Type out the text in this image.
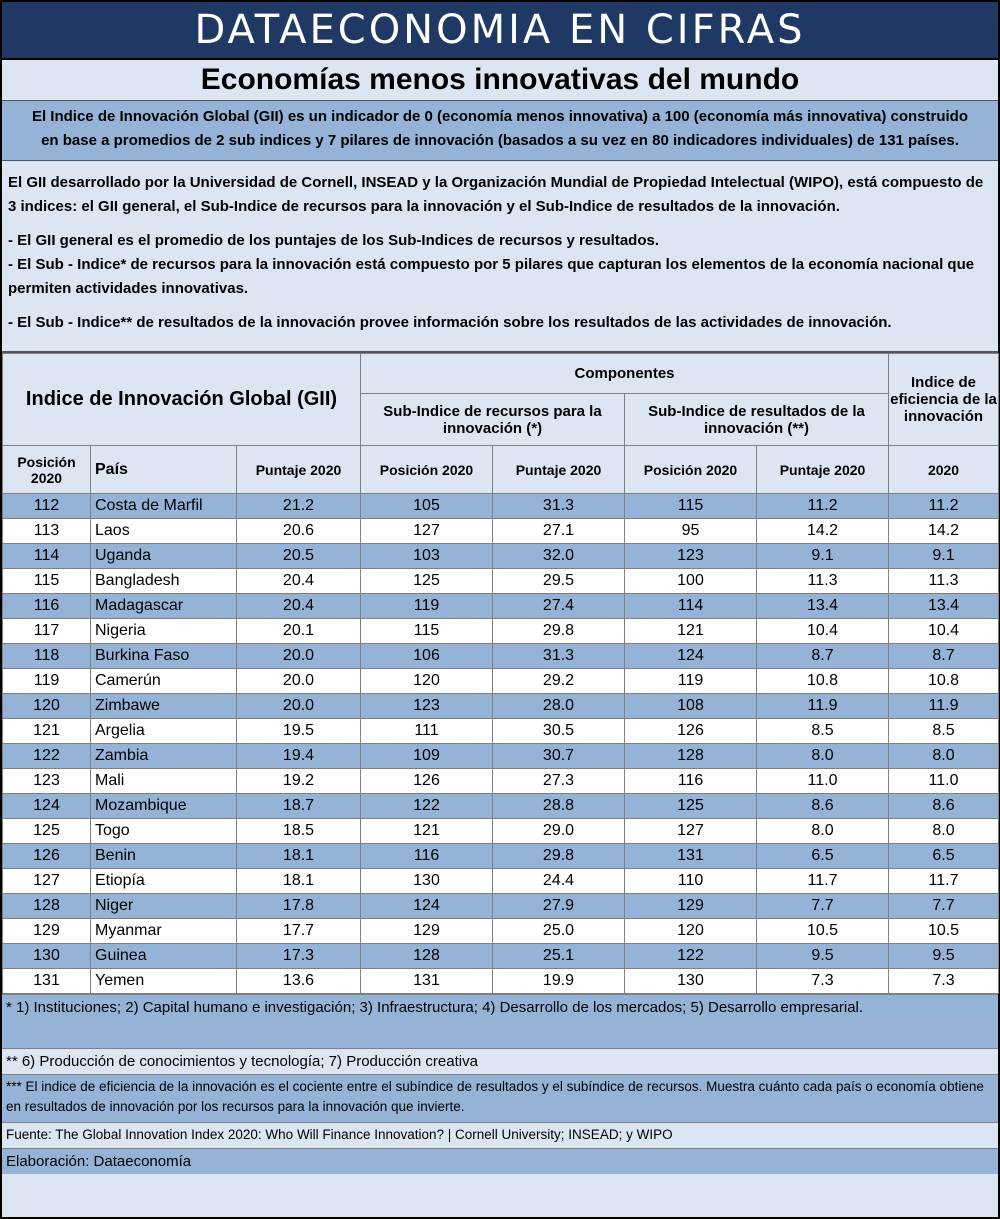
DATAECONOMIA EN CIFRAS
Economías menos innovativas del mundo
El Indice de Innovación Global (GII) es un indicador de 0 (economía menos innovativa) a 100 (economía más innovativa) construido
en base a promedios de 2 sub indices y 7 pilares de innovación (basados a su vez en 80 indicadores individuales) de 131 países.

El GII desarrollado por la Universidad de Cornell, INSEAD y la Organización Mundial de Propiedad Intelectual (WIPO), está compuesto de 3 indices: el GII general, el Sub-Indice de recursos para la innovación y el Sub-Indice de resultados de la innovación.

- El GII general es el promedio de los puntajes de los Sub-Indices de recursos y resultados.

- El Sub - Indice* de recursos para la innovación está compuesto por 5 pilares que capturan los elementos de la economía nacional que permiten actividades innovativas.

- El Sub - Indice** de resultados de la innovación provee información sobre los resultados de las actividades de innovación.

Indice de Innovación Global (GII)			Componentes				Indice de eficiencia de la innovación
			Sub-Indice de recursos para la innovación (*)		Sub-Indice de resultados de la innovación (**)		
Posición 2020	País	Puntaje 2020	Posición 2020	Puntaje 2020	Posición 2020	Puntaje 2020	2020
112	Costa de Marfil	21.2	105	31.3	115	11.2	11.2
113	Laos	20.6	127	27.1	95	14.2	14.2
114	Uganda	20.5	103	32.0	123	9.1	9.1
115	Bangladesh	20.4	125	29.5	100	11.3	11.3
116	Madagascar	20.4	119	27.4	114	13.4	13.4
117	Nigeria	20.1	115	29.8	121	10.4	10.4
118	Burkina Faso	20.0	106	31.3	124	8.7	8.7
119	Camerún	20.0	120	29.2	119	10.8	10.8
120	Zimbawe	20.0	123	28.0	108	11.9	11.9
121	Argelia	19.5	111	30.5	126	8.5	8.5
122	Zambia	19.4	109	30.7	128	8.0	8.0
123	Mali	19.2	126	27.3	116	11.0	11.0
124	Mozambique	18.7	122	28.8	125	8.6	8.6
125	Togo	18.5	121	29.0	127	8.0	8.0
126	Benin	18.1	116	29.8	131	6.5	6.5
127	Etiopía	18.1	130	24.4	110	11.7	11.7
128	Niger	17.8	124	27.9	129	7.7	7.7
129	Myanmar	17.7	129	25.0	120	10.5	10.5
130	Guinea	17.3	128	25.1	122	9.5	9.5
131	Yemen	13.6	131	19.9	130	7.3	7.3
* 1) Instituciones; 2) Capital humano e investigación; 3) Infraestructura; 4) Desarrollo de los mercados; 5) Desarrollo empresarial.
** 6) Producción de conocimientos y tecnología; 7) Producción creativa
*** El indice de eficiencia de la innovación es el cociente entre el subíndice de resultados y el subíndice de recursos. Muestra cuánto cada país o economía obtiene en resultados de innovación por los recursos para la innovación que invierte.
Fuente: The Global Innovation Index 2020: Who Will Finance Innovation? | Cornell University; INSEAD; y WIPO
Elaboración: Dataeconomía
